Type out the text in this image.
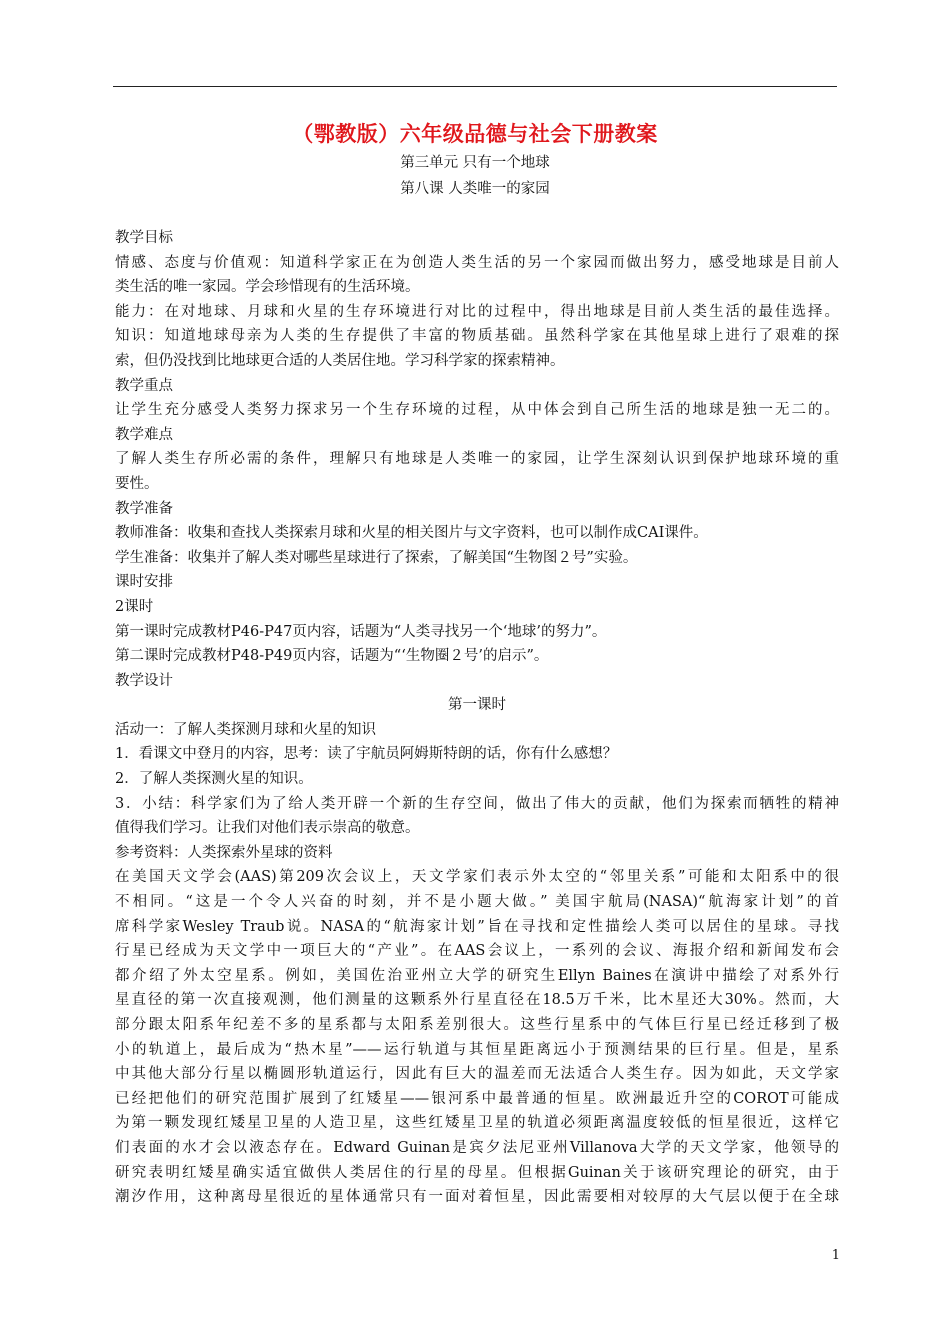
（鄂教版）六年级品德与社会下册教案
第三单元 只有一个地球
第八课 人类唯一的家园

教学目标

情感、态度与价值观：知道科学家正在为创造人类生活的另一个家园而做出努力，感受地球是目前人

类生活的唯一家园。学会珍惜现有的生活环境。

能力：在对地球、月球和火星的生存环境进行对比的过程中，得出地球是目前人类生活的最佳选择。

知识：知道地球母亲为人类的生存提供了丰富的物质基础。虽然科学家在其他星球上进行了艰难的探

索，但仍没找到比地球更合适的人类居住地。学习科学家的探索精神。

教学重点

让学生充分感受人类努力探求另一个生存环境的过程，从中体会到自己所生活的地球是独一无二的。

教学难点

了解人类生存所必需的条件，理解只有地球是人类唯一的家园，让学生深刻认识到保护地球环境的重

要性。

教学准备

教师准备：收集和查找人类探索月球和火星的相关图片与文字资料，也可以制作成CAI课件。

学生准备：收集并了解人类对哪些星球进行了探索，了解美国“生物图２号”实验。

课时安排

2课时

第一课时完成教材P46-P47页内容，话题为“人类寻找另一个‘地球’的努力”。

第二课时完成教材P48-P49页内容，话题为“‘生物圈２号’的启示”。

教学设计

第一课时

活动一：了解人类探测月球和火星的知识

1．看课文中登月的内容，思考：读了宇航员阿姆斯特朗的话，你有什么感想？

2．了解人类探测火星的知识。

3．小结：科学家们为了给人类开辟一个新的生存空间，做出了伟大的贡献，他们为探索而牺牲的精神

值得我们学习。让我们对他们表示崇高的敬意。

参考资料：人类探索外星球的资料

在美国天文学会(AAS)第209次会议上，天文学家们表示外太空的“邻里关系”可能和太阳系中的很

不相同。“这是一个令人兴奋的时刻，并不是小题大做。” 美国宇航局(NASA)“航海家计划”的首

席科学家Wesley Traub说。NASA的“航海家计划”旨在寻找和定性描绘人类可以居住的星球。寻找

行星已经成为天文学中一项巨大的“产业”。在AAS会议上，一系列的会议、海报介绍和新闻发布会

都介绍了外太空星系。例如，美国佐治亚州立大学的研究生Ellyn Baines在演讲中描绘了对系外行

星直径的第一次直接观测，他们测量的这颗系外行星直径在18.5万千米，比木星还大30%。然而，大

部分跟太阳系年纪差不多的星系都与太阳系差别很大。这些行星系中的气体巨行星已经迁移到了极

小的轨道上，最后成为“热木星”——运行轨道与其恒星距离远小于预测结果的巨行星。但是，星系

中其他大部分行星以椭圆形轨道运行，因此有巨大的温差而无法适合人类生存。因为如此，天文学家

已经把他们的研究范围扩展到了红矮星——银河系中最普通的恒星。欧洲最近升空的COROT可能成

为第一颗发现红矮星卫星的人造卫星，这些红矮星卫星的轨道必须距离温度较低的恒星很近，这样它

们表面的水才会以液态存在。Edward Guinan是宾夕法尼亚州Villanova大学的天文学家，他领导的

研究表明红矮星确实适宜做供人类居住的行星的母星。但根据Guinan关于该研究理论的研究，由于

潮汐作用，这种离母星很近的星体通常只有一面对着恒星，因此需要相对较厚的大气层以便于在全球

1
